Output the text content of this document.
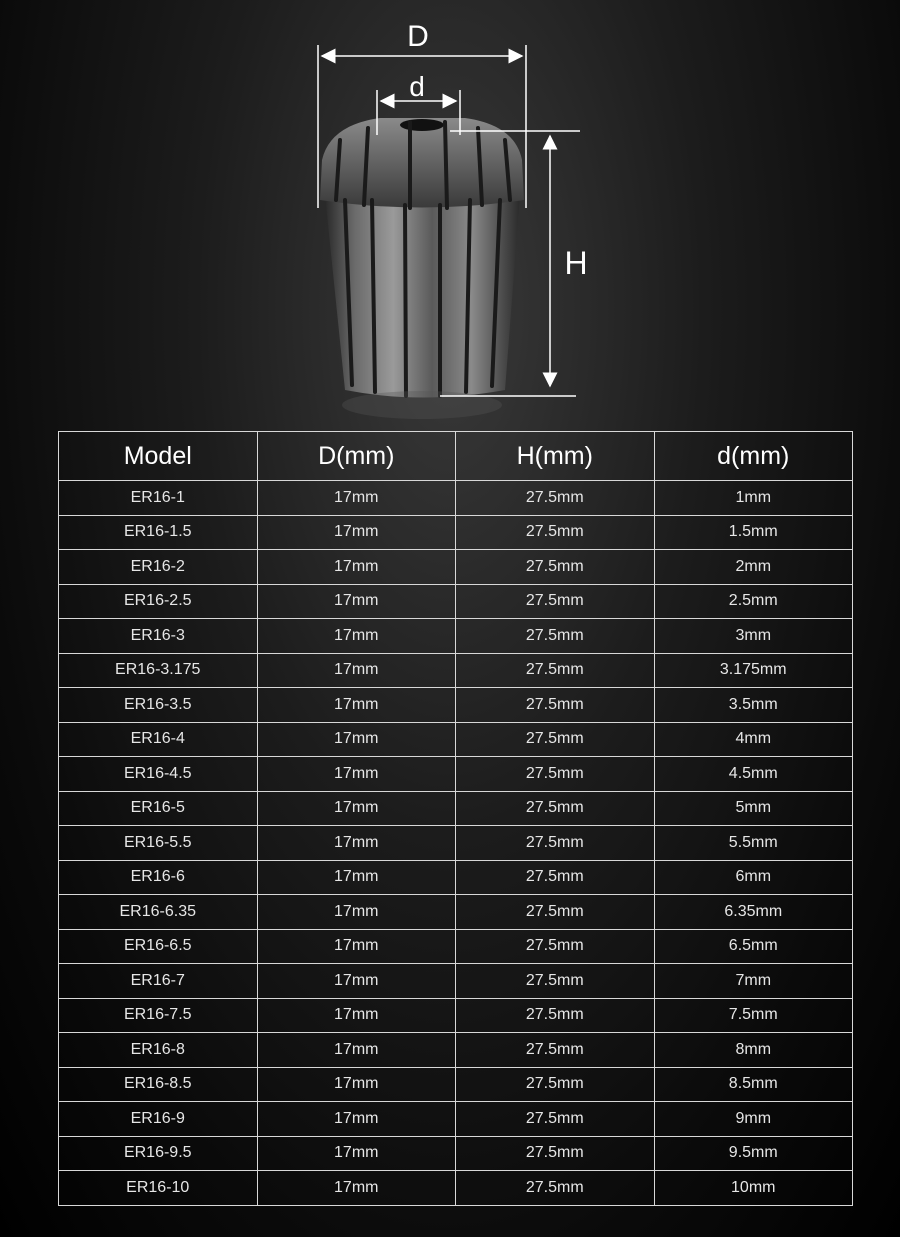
D
d
H
Model	D(mm)	H(mm)	d(mm)
ER16-1	17mm	27.5mm	1mm
ER16-1.5	17mm	27.5mm	1.5mm
ER16-2	17mm	27.5mm	2mm
ER16-2.5	17mm	27.5mm	2.5mm
ER16-3	17mm	27.5mm	3mm
ER16-3.175	17mm	27.5mm	3.175mm
ER16-3.5	17mm	27.5mm	3.5mm
ER16-4	17mm	27.5mm	4mm
ER16-4.5	17mm	27.5mm	4.5mm
ER16-5	17mm	27.5mm	5mm
ER16-5.5	17mm	27.5mm	5.5mm
ER16-6	17mm	27.5mm	6mm
ER16-6.35	17mm	27.5mm	6.35mm
ER16-6.5	17mm	27.5mm	6.5mm
ER16-7	17mm	27.5mm	7mm
ER16-7.5	17mm	27.5mm	7.5mm
ER16-8	17mm	27.5mm	8mm
ER16-8.5	17mm	27.5mm	8.5mm
ER16-9	17mm	27.5mm	9mm
ER16-9.5	17mm	27.5mm	9.5mm
ER16-10	17mm	27.5mm	10mm
